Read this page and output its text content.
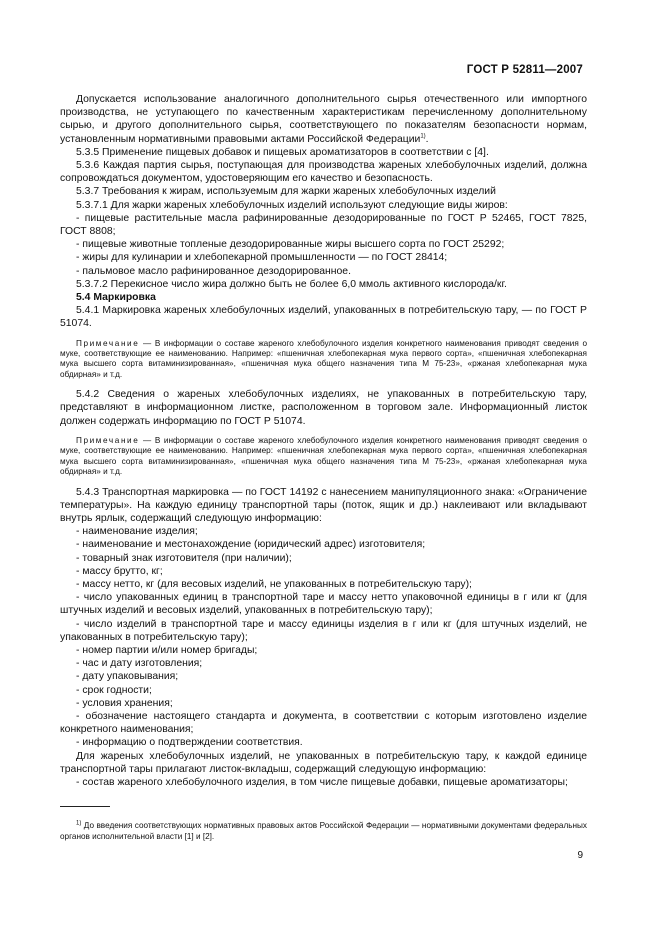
ГОСТ Р 52811—2007

Допускается использование аналогичного дополнительного сырья отечественного или импортного производства, не уступающего по качественным характеристикам перечисленному дополнительному сырью, и другого дополнительного сырья, соответствующего по показателям безопасности нормам, установленным нормативными правовыми актами Российской Федерации$^{1)}$.

5.3.5 Применение пищевых добавок и пищевых ароматизаторов в соответствии с [4].

5.3.6 Каждая партия сырья, поступающая для производства жареных хлебобулочных изделий, должна сопровождаться документом, удостоверяющим его качество и безопасность.

5.3.7 Требования к жирам, используемым для жарки жареных хлебобулочных изделий

5.3.7.1 Для жарки жареных хлебобулочных изделий используют следующие виды жиров:

- пищевые растительные масла рафинированные дезодорированные по ГОСТ Р 52465, ГОСТ 7825, ГОСТ 8808;

- пищевые животные топленые дезодорированные жиры высшего сорта по ГОСТ 25292;

- жиры для кулинарии и хлебопекарной промышленности — по ГОСТ 28414;

- пальмовое масло рафинированное дезодорированное.

5.3.7.2 Перекисное число жира должно быть не более 6,0 ммоль активного кислорода/кг.

5.4 Маркировка

5.4.1 Маркировка жареных хлебобулочных изделий, упакованных в потребительскую тару, — по ГОСТ Р 51074.

Примечание — В информации о составе жареного хлебобулочного изделия конкретного наименования приводят сведения о муке, соответствующие ее наименованию. Например: «пшеничная хлебопекарная мука первого сорта», «пшеничная хлебопекарная мука высшего сорта витаминизированная», «пшеничная мука общего назначения типа М 75-23», «ржаная хлебопекарная мука обдирная» и т.д.

5.4.2 Сведения о жареных хлебобулочных изделиях, не упакованных в потребительскую тару, представляют в информационном листке, расположенном в торговом зале. Информационный листок должен содержать информацию по ГОСТ Р 51074.

Примечание — В информации о составе жареного хлебобулочного изделия конкретного наименования приводят сведения о муке, соответствующие ее наименованию. Например: «пшеничная хлебопекарная мука первого сорта», «пшеничная хлебопекарная мука высшего сорта витаминизированная», «пшеничная мука общего назначения типа М 75-23», «ржаная хлебопекарная мука обдирная» и т.д.

5.4.3 Транспортная маркировка — по ГОСТ 14192 с нанесением манипуляционного знака: «Ограничение температуры». На каждую единицу транспортной тары (поток, ящик и др.) наклеивают или вкладывают внутрь ярлык, содержащий следующую информацию:

- наименование изделия;

- наименование и местонахождение (юридический адрес) изготовителя;

- товарный знак изготовителя (при наличии);

- массу брутто, кг;

- массу нетто, кг (для весовых изделий, не упакованных в потребительскую тару);

- число упакованных единиц в транспортной таре и массу нетто упаковочной единицы в г или кг (для штучных изделий и весовых изделий, упакованных в потребительскую тару);

- число изделий в транспортной таре и массу единицы изделия в г или кг (для штучных изделий, не упакованных в потребительскую тару);

- номер партии и/или номер бригады;

- час и дату изготовления;

- дату упаковывания;

- срок годности;

- условия хранения;

- обозначение настоящего стандарта и документа, в соответствии с которым изготовлено изделие конкретного наименования;

- информацию о подтверждении соответствия.

Для жареных хлебобулочных изделий, не упакованных в потребительскую тару, к каждой единице транспортной тары прилагают листок-вкладыш, содержащий следующую информацию:

- состав жареного хлебобулочного изделия, в том числе пищевые добавки, пищевые ароматизаторы;

$^{1)}$ До введения соответствующих нормативных правовых актов Российской Федерации — нормативными документами федеральных органов исполнительной власти [1] и [2].

9
